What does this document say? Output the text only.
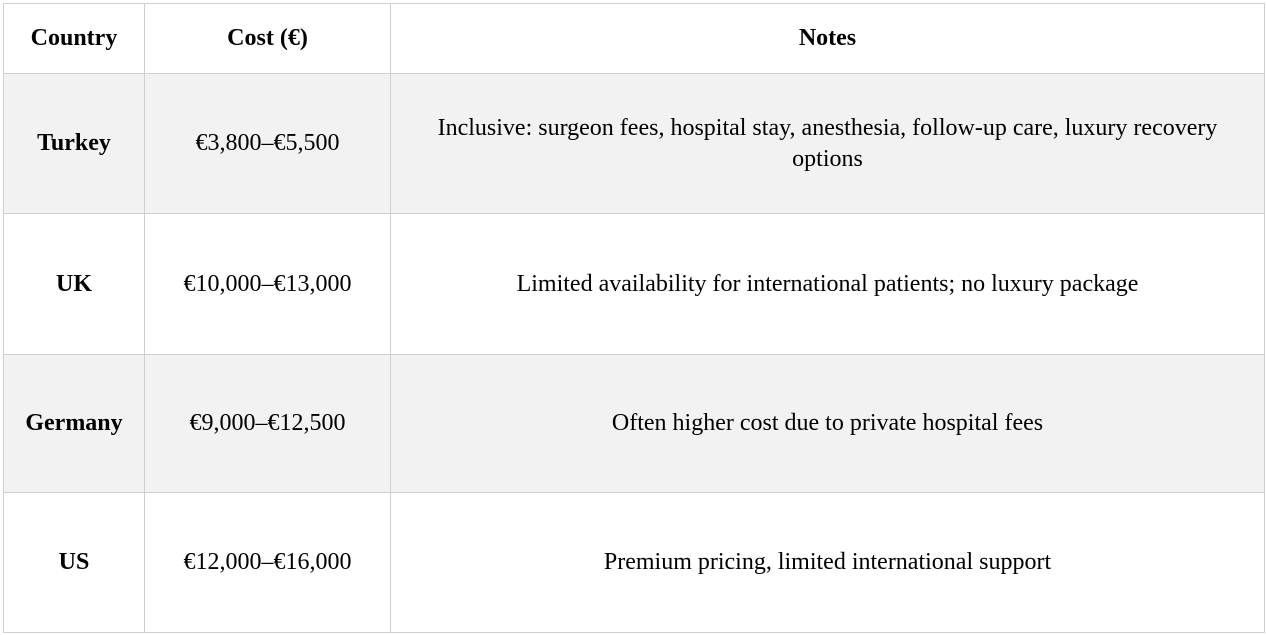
Country	Cost (€)	Notes
Turkey	€3,800–€5,500	Inclusive: surgeon fees, hospital stay, anesthesia, follow-up care, luxury recovery options
UK	€10,000–€13,000	Limited availability for international patients; no luxury package
Germany	€9,000–€12,500	Often higher cost due to private hospital fees
US	€12,000–€16,000	Premium pricing, limited international support
